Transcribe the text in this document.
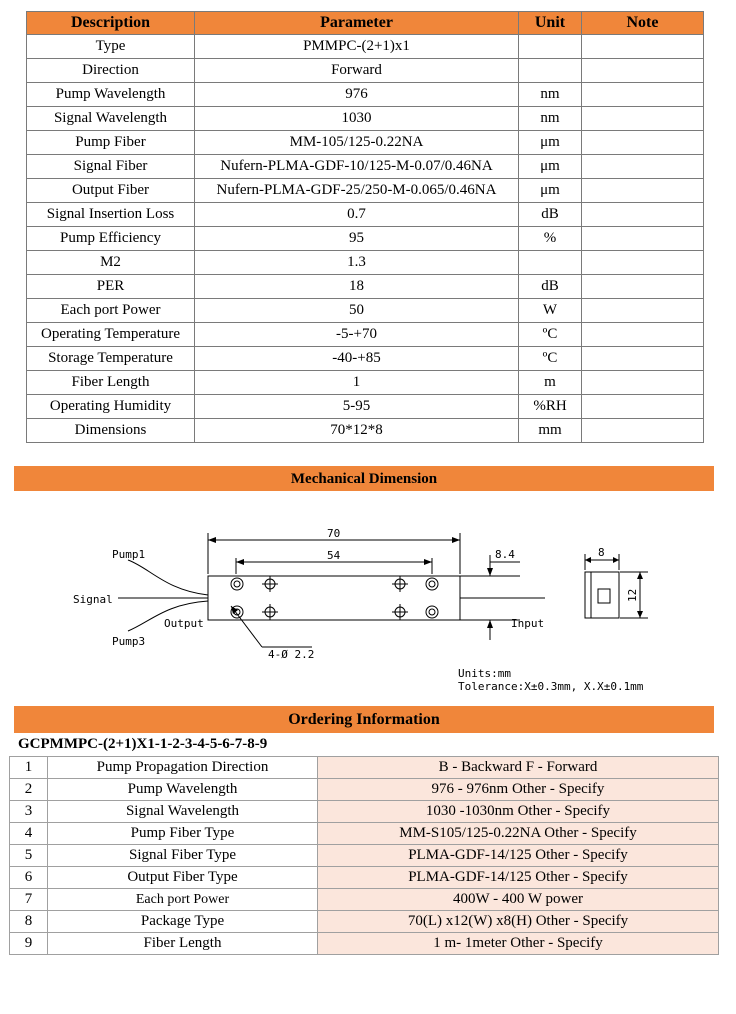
Description	Parameter	Unit	Note
Type	PMMPC-(2+1)x1		
Direction	Forward		
Pump Wavelength	976	nm	
Signal Wavelength	1030	nm	
Pump Fiber	MM-105/125-0.22NA	μm	
Signal Fiber	Nufern-PLMA-GDF-10/125-M-0.07/0.46NA	μm	
Output Fiber	Nufern-PLMA-GDF-25/250-M-0.065/0.46NA	μm	
Signal Insertion Loss	0.7	dB	
Pump Efficiency	95	%	
M2	1.3		
PER	18	dB	
Each port Power	50	W	
Operating Temperature	-5-+70	ºC	
Storage Temperature	-40-+85	ºC	
Fiber Length	1	m	
Operating Humidity	5-95	%RH	
Dimensions	70*12*8	mm	
Mechanical Dimension
Pump1
Signal
Pump3
Output	Input
70
54	8.4	8
4-Ø 2.2
Units:mm
Tolerance:X±0.3mm, X.X±0.1mm
12
Ordering Information
GCPMMPC-(2+1)X1-1-2-3-4-5-6-7-8-9
1	Pump Propagation Direction	B - Backward F - Forward
2	Pump Wavelength	976 - 976nm Other - Specify
3	Signal Wavelength	1030 -1030nm Other - Specify
4	Pump Fiber Type	MM-S105/125-0.22NA Other - Specify
5	Signal Fiber Type	PLMA-GDF-14/125 Other - Specify
6	Output Fiber Type	PLMA-GDF-14/125 Other - Specify
7	Each port Power	400W - 400 W power
8	Package Type	70(L) x12(W) x8(H) Other - Specify
9	Fiber Length	1 m- 1meter Other - Specify
